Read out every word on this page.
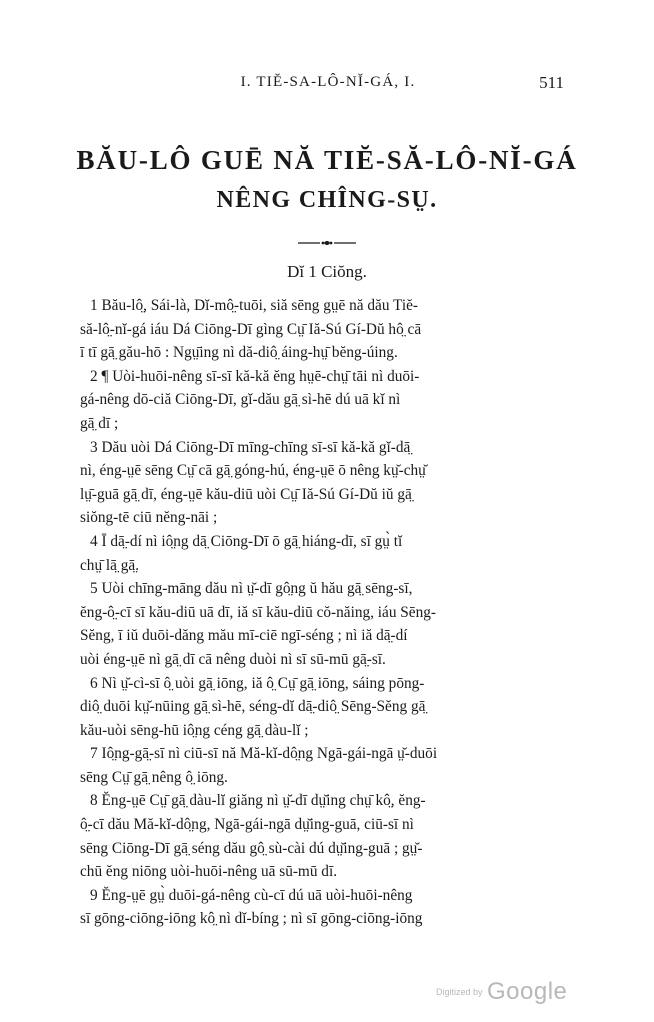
I. TIĔ-SA-LÔ-NĬ-GÁ, I.	511
BĂU-LÔ GUĒ NĂ TIĔ-SĂ-LÔ-NĬ-GÁ
NÊNG CHÎNG-SṲ.
Dĭ 1 Ciŏng.
1 Bău-lô̤, Sái-là, Dĭ-mô̤-tuōi, siă sēng gṳē nă dău Tiĕ-
să-lô̤-nĭ-gá iáu Dá Ciōng-Dī gìng Cṳ̄ Iă-Sú Gí-Dŭ hô̤ cā
ī tī gā̤ gău-hō : Ngṳ̄ing nì dă-diô̤ áing-hṳ̄ bĕng-úing.
2 ¶ Uòi-huōi-nêng sī-sī kă-kă ĕng hṳē-chṳ̄ tāi nì duōi-
gá-nêng dō-ciă Ciōng-Dī, gĭ-dău gā̤ sì-hē dú uā kĭ nì
gā̤ dī ;
3 Dău uòi Dá Ciōng-Dī mīng-chīng sī-sī kă-kă gĭ-dā̤
nì, éng-ṳē sēng Cṳ̄ cā gā̤ góng-hú, éng-ṳē ō nêng kṳ̆-chṳ̆
lṳ̄-guā gā̤ dī, éng-ṳē kău-diū uòi Cṳ̄ Iă-Sú Gí-Dŭ iŭ gā̤
siŏng-tē ciū nĕng-nāi ;
4 Ī dā̤-dí nì iô̤ng dā̤ Ciōng-Dī ō gā̤ hiáng-dī, sī gṳ̀ tĭ
chṳ̄ lā̤ gā̤.
5 Uòi chīng-māng dău nì ṳ̆-dī gô̤ng ŭ hău gā̤ sēng-sī,
ĕng-ô̤-cī sī kău-diū uā dī, iă sī kău-diū cŏ-năing, iáu Sēng-
Sĕng, ī iŭ duōi-dăng mău mī-ciē ngī-séng ; nì iă dā̤-dí
uòi éng-ṳē nì gā̤ dī cā nêng duòi nì sī sū-mū gā̤-sī.
6 Nì ṳ̆-cì-sī ô̤ uòi gā̤ iōng, iă ô̤ Cṳ̄ gā̤ iōng, sáing pōng-
diô̤ duōi kṳ̆-nūing gā̤ sì-hē, séng-dĭ dā̤-diô̤ Sēng-Sĕng gā̤
kău-uòi sēng-hū iô̤ng céng gā̤ dàu-lĭ ;
7 Iô̤ng-gā̤-sī nì ciū-sī nă Mă-kĭ-dô̤ng Ngā-gái-ngā ṳ̆-duōi
sēng Cṳ̄ gā̤ nêng ô̤ iōng.
8 Ĕng-ṳē Cṳ̄ gā̤ dàu-lĭ giăng nì ṳ̆-dī dṳ̆ing chṳ̄ kô̤, ĕng-
ô̤-cī dău Mă-kĭ-dô̤ng, Ngā-gái-ngā dṳ̆ing-guā, ciū-sī nì
sēng Ciōng-Dī gā̤ séng dău gô̤ sù-cài dú dṳ̆ing-guā ; gṳ̆-
chū ĕng niōng uòi-huōi-nêng uā sū-mū dī.
9 Ĕng-ṳē gṳ̀ duōi-gá-nêng cù-cī dú uā uòi-huōi-nêng
sī gōng-ciōng-iōng kô̤ nì dĭ-bíng ; nì sī gōng-ciōng-iōng
Digitized by Google
